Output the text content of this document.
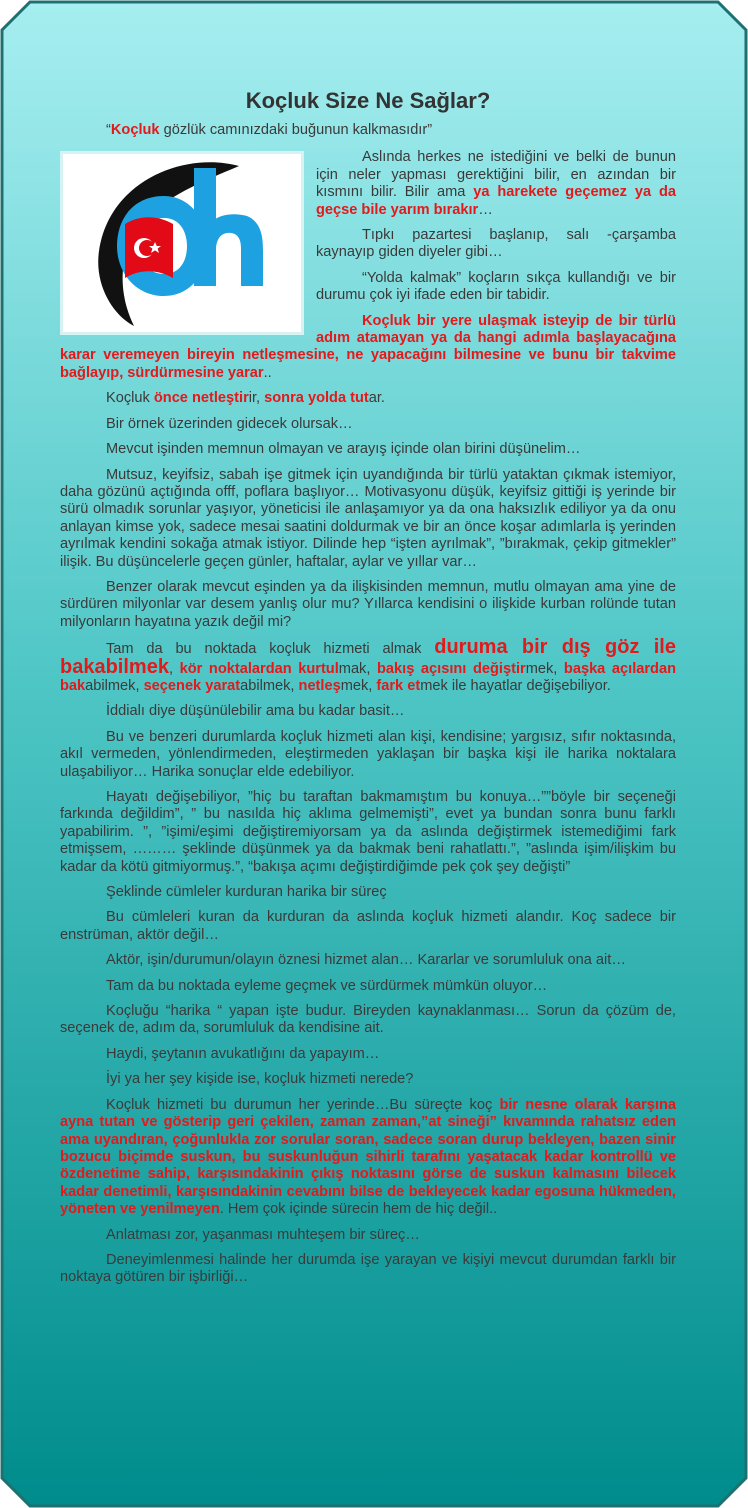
Koçluk Size Ne Sağlar?
“Koçluk gözlük camınızdaki buğunun kalkmasıdır”

Aslında herkes ne istediğini ve belki de bunun için neler yapması gerektiğini bilir, en azından bir kısmını bilir. Bilir ama ya harekete geçemez ya da geçse bile yarım bırakır…

Tıpkı pazartesi başlanıp, salı -çarşamba kaynayıp giden diyeler gibi…

“Yolda kalmak” koçların sıkça kullandığı ve bir durumu çok iyi ifade eden bir tabidir.

Koçluk bir yere ulaşmak isteyip de bir türlü adım atamayan ya da hangi adımla başlayacağına karar veremeyen bireyin netleşmesine, ne yapacağını bilmesine ve bunu bir takvime bağlayıp, sürdürmesine yarar..

Koçluk önce netleştirir, sonra yolda tutar.

Bir örnek üzerinden gidecek olursak…

Mevcut işinden memnun olmayan ve arayış içinde olan birini düşünelim…

Mutsuz, keyifsiz, sabah işe gitmek için uyandığında bir türlü yataktan çıkmak istemiyor, daha gözünü açtığında offf, poflara başlıyor… Motivasyonu düşük, keyifsiz gittiği iş yerinde bir sürü olmadık sorunlar yaşıyor, yöneticisi ile anlaşamıyor ya da ona haksızlık ediliyor ya da onu anlayan kimse yok, sadece mesai saatini doldurmak ve bir an önce koşar adımlarla iş yerinden ayrılmak kendini sokağa atmak istiyor. Dilinde hep “işten ayrılmak”, ”bırakmak, çekip gitmekler” ilişik. Bu düşüncelerle geçen günler, haftalar, aylar ve yıllar var…

Benzer olarak mevcut eşinden ya da ilişkisinden memnun, mutlu olmayan ama yine de sürdüren milyonlar var desem yanlış olur mu? Yıllarca kendisini o ilişkide kurban rolünde tutan milyonların hayatına yazık değil mi?

Tam da bu noktada koçluk hizmeti almak duruma bir dış göz ile bakabilmek, kör noktalardan kurtulmak, bakış açısını değiştirmek, başka açılardan bakabilmek, seçenek yaratabilmek, netleşmek, fark etmek ile hayatlar değişebiliyor.

İddialı diye düşünülebilir ama bu kadar basit…

Bu ve benzeri durumlarda koçluk hizmeti alan kişi, kendisine; yargısız, sıfır noktasında, akıl vermeden, yönlendirmeden, eleştirmeden yaklaşan bir başka kişi ile harika noktalara ulaşabiliyor… Harika sonuçlar elde edebiliyor.

Hayatı değişebiliyor, ”hiç bu taraftan bakmamıştım bu konuya…””böyle bir seçeneği farkında değildim”, ” bu nasılda hiç aklıma gelmemişti”, evet ya bundan sonra bunu farklı yapabilirim. ”, ”işimi/eşimi değiştiremiyorsam ya da aslında değiştirmek istemediğimi fark etmişsem, ……… şeklinde düşünmek ya da bakmak beni rahatlattı.”, ”aslında işim/ilişkim bu kadar da kötü gitmiyormuş.”, “bakışa açımı değiştirdiğimde pek çok şey değişti”

Şeklinde cümleler kurduran harika bir süreç

Bu cümleleri kuran da kurduran da aslında koçluk hizmeti alandır. Koç sadece bir enstrüman, aktör değil…

Aktör, işin/durumun/olayın öznesi hizmet alan… Kararlar ve sorumluluk ona ait…

Tam da bu noktada eyleme geçmek ve sürdürmek mümkün oluyor…

Koçluğu “harika “ yapan işte budur. Bireyden kaynaklanması… Sorun da çözüm de, seçenek de, adım da, sorumluluk da kendisine ait.

Haydi, şeytanın avukatlığını da yapayım…

İyi ya her şey kişide ise, koçluk hizmeti nerede?

Koçluk hizmeti bu durumun her yerinde…Bu süreçte koç bir nesne olarak karşına ayna tutan ve gösterip geri çekilen, zaman zaman,”at sineği” kıvamında rahatsız eden ama uyandıran, çoğunlukla zor sorular soran, sadece soran durup bekleyen, bazen sinir bozucu biçimde suskun, bu suskunluğun sihirli tarafını yaşatacak kadar kontrollü ve özdenetime sahip, karşısındakinin çıkış noktasını görse de suskun kalmasını bilecek kadar denetimli, karşısındakinin cevabını bilse de bekleyecek kadar egosuna hükmeden, yöneten ve yenilmeyen. Hem çok içinde sürecin hem de hiç değil..

Anlatması zor, yaşanması muhteşem bir süreç…

Deneyimlenmesi halinde her durumda işe yarayan ve kişiyi mevcut durumdan farklı bir noktaya götüren bir işbirliği…
